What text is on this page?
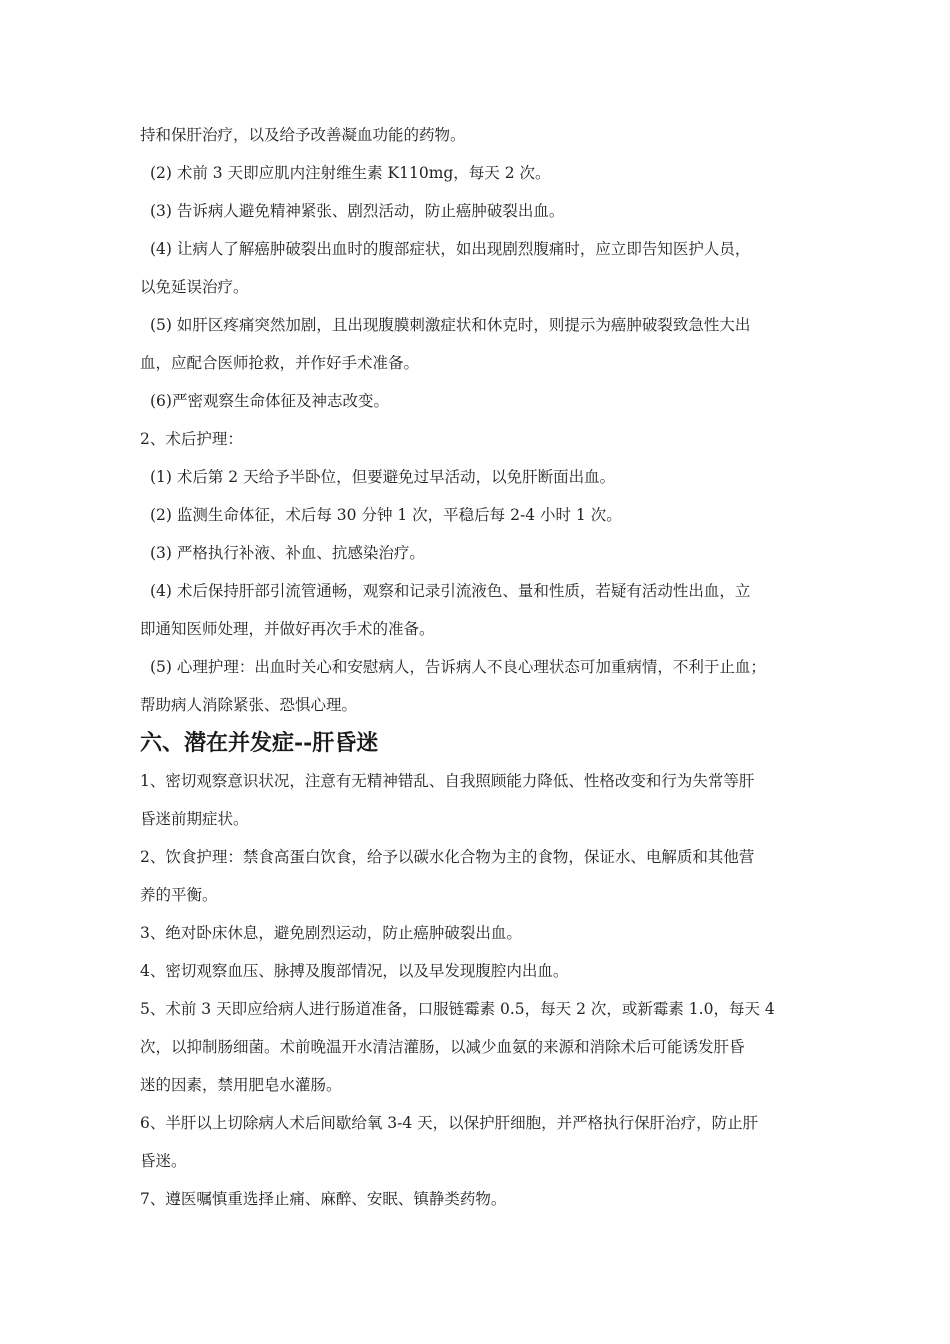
持和保肝治疗，以及给予改善凝血功能的药物。

(2) 术前 3 天即应肌内注射维生素 K110mg，每天 2 次。

(3) 告诉病人避免精神紧张、剧烈活动，防止癌肿破裂出血。

(4) 让病人了解癌肿破裂出血时的腹部症状，如出现剧烈腹痛时，应立即告知医护人员，

以免延误治疗。

(5) 如肝区疼痛突然加剧，且出现腹膜刺激症状和休克时，则提示为癌肿破裂致急性大出

血，应配合医师抢救，并作好手术准备。

(6)严密观察生命体征及神志改变。

2、术后护理：

(1) 术后第 2 天给予半卧位，但要避免过早活动，以免肝断面出血。

(2) 监测生命体征，术后每 30 分钟 1 次，平稳后每 2-4 小时 1 次。

(3) 严格执行补液、补血、抗感染治疗。

(4) 术后保持肝部引流管通畅，观察和记录引流液色、量和性质，若疑有活动性出血，立

即通知医师处理，并做好再次手术的准备。

(5) 心理护理：出血时关心和安慰病人，告诉病人不良心理状态可加重病情，不利于止血；

帮助病人消除紧张、恐惧心理。

六、潜在并发症--肝昏迷

1、密切观察意识状况，注意有无精神错乱、自我照顾能力降低、性格改变和行为失常等肝

昏迷前期症状。

2、饮食护理：禁食高蛋白饮食，给予以碳水化合物为主的食物，保证水、电解质和其他营

养的平衡。

3、绝对卧床休息，避免剧烈运动，防止癌肿破裂出血。

4、密切观察血压、脉搏及腹部情况，以及早发现腹腔内出血。

5、术前 3 天即应给病人进行肠道准备，口服链霉素 0.5，每天 2 次，或新霉素 1.0，每天 4

次，以抑制肠细菌。术前晚温开水清洁灌肠，以减少血氨的来源和消除术后可能诱发肝昏

迷的因素，禁用肥皂水灌肠。

6、半肝以上切除病人术后间歇给氧 3-4 天，以保护肝细胞，并严格执行保肝治疗，防止肝

昏迷。

7、遵医嘱慎重选择止痛、麻醉、安眠、镇静类药物。
